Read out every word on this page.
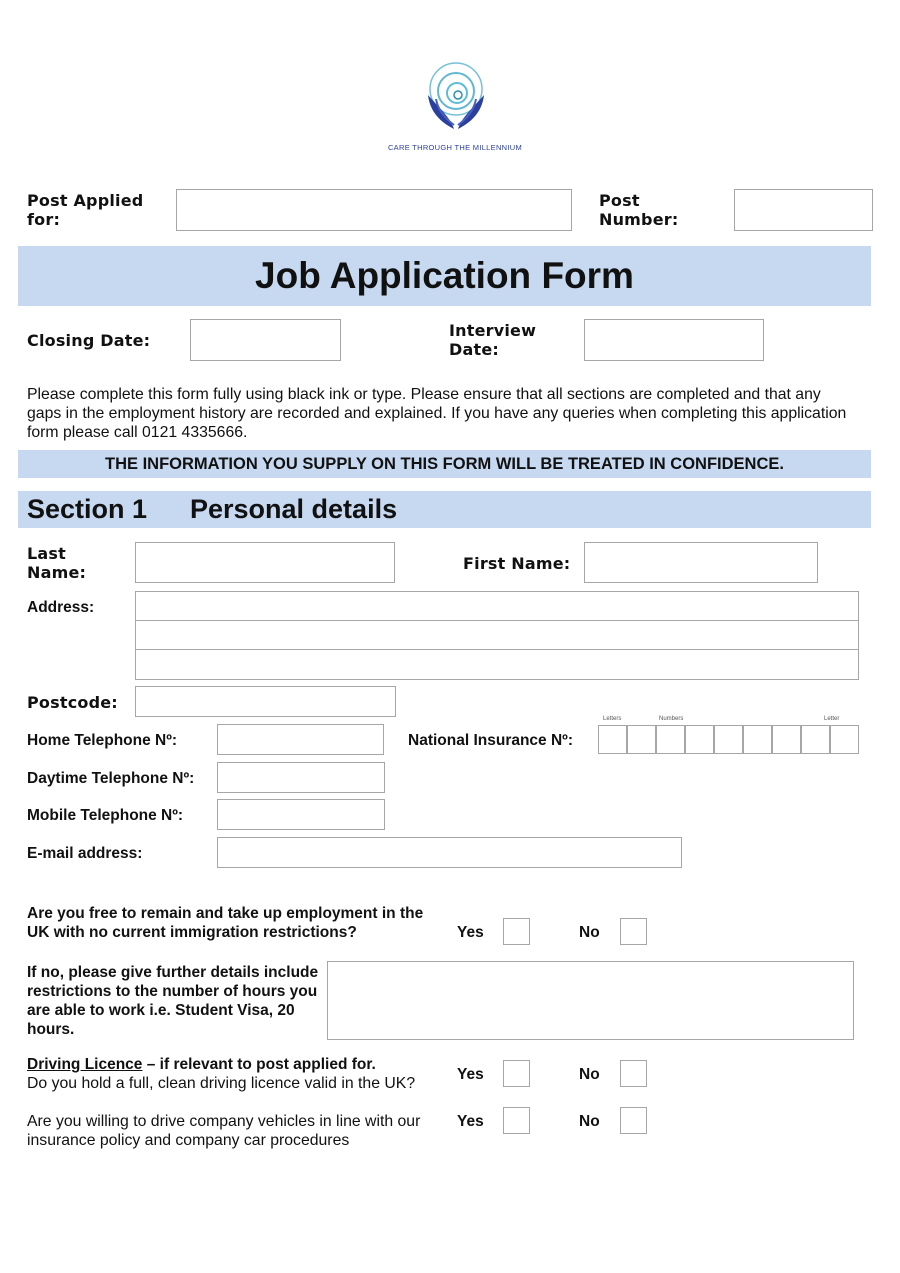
CARE THROUGH THE MILLENNIUM
Post Applied for:
Post Number:
Job Application Form
Closing Date:
Interview Date:
Please complete this form fully using black ink or type. Please ensure that all sections are completed and that any gaps in the employment history are recorded and explained. If you have any queries when completing this application form please call 0121 4335666.
THE INFORMATION YOU SUPPLY ON THIS FORM WILL BE TREATED IN CONFIDENCE.
Section 1 Personal details
Last Name:	First Name:
Address:
Postcode:
Home Telephone Nº:	National Insurance Nº:
Letters	Numbers	Letter
Daytime Telephone Nº:
Mobile Telephone Nº:
E-mail address:
Are you free to remain and take up employment in the UK with no current immigration restrictions?	Yes	No
If no, please give further details include restrictions to the number of hours you are able to work i.e. Student Visa, 20 hours.
Driving Licence – if relevant to post applied for.
Do you hold a full, clean driving licence valid in the UK?
Yes	No
Are you willing to drive company vehicles in line with our insurance policy and company car procedures
Yes	No
